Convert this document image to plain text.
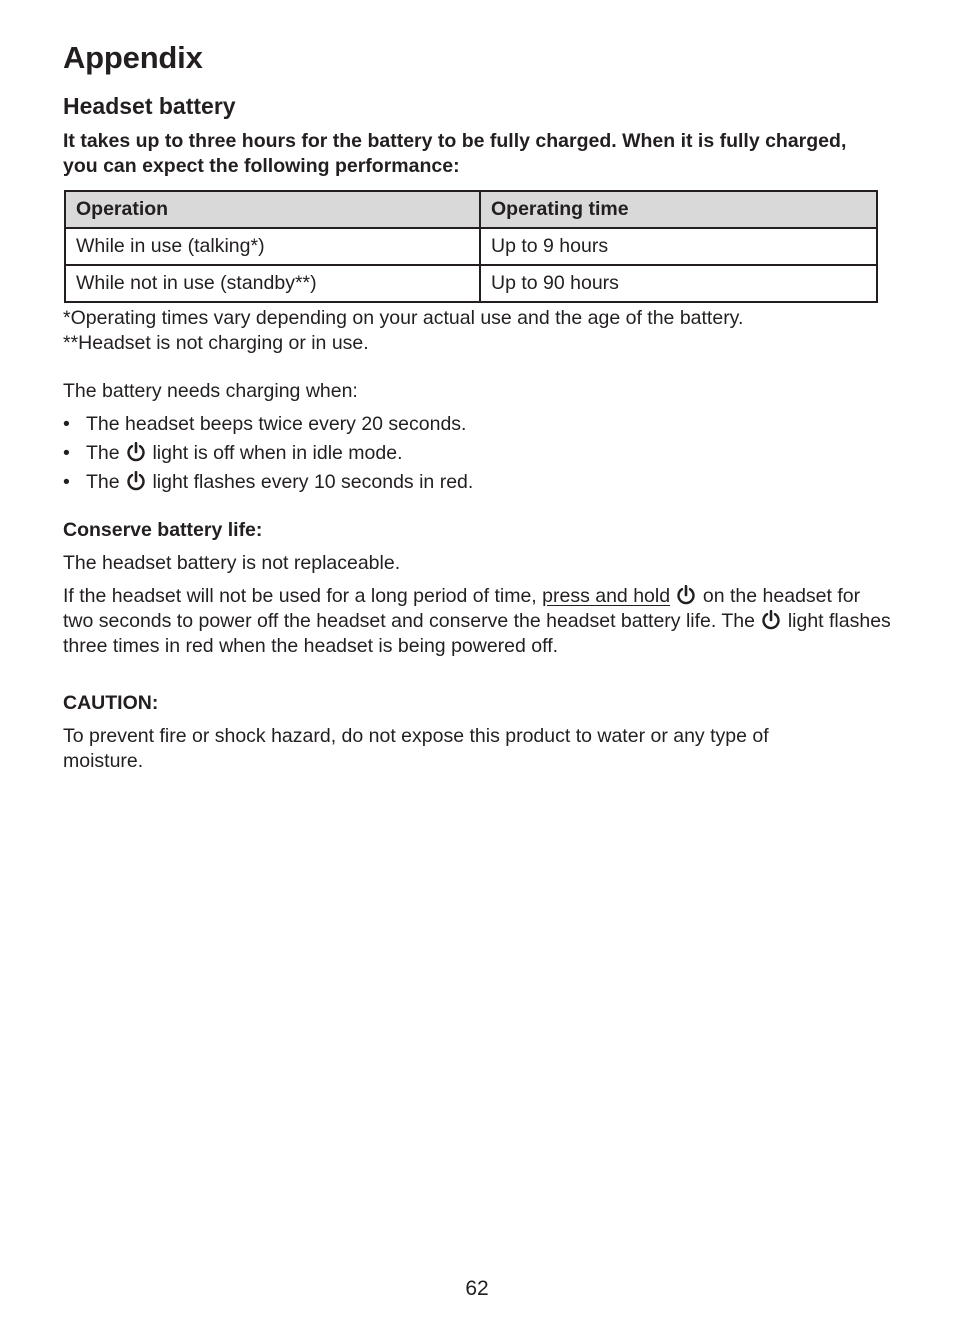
Appendix
Headset battery
It takes up to three hours for the battery to be fully charged. When it is fully charged, you can expect the following performance:
Operation	Operating time
While in use (talking*)	Up to 9 hours
While not in use (standby**)	Up to 90 hours
*Operating times vary depending on your actual use and the age of the battery.
**Headset is not charging or in use.
The battery needs charging when:
• The headset beeps twice every 20 seconds.
• The light is off when in idle mode.
• The light flashes every 10 seconds in red.
Conserve battery life:
The headset battery is not replaceable.
If the headset will not be used for a long period of time, press and hold on the headset for two seconds to power off the headset and conserve the headset battery life. The light flashes three times in red when the headset is being powered off.
CAUTION:
To prevent fire or shock hazard, do not expose this product to water or any type of moisture.
62
